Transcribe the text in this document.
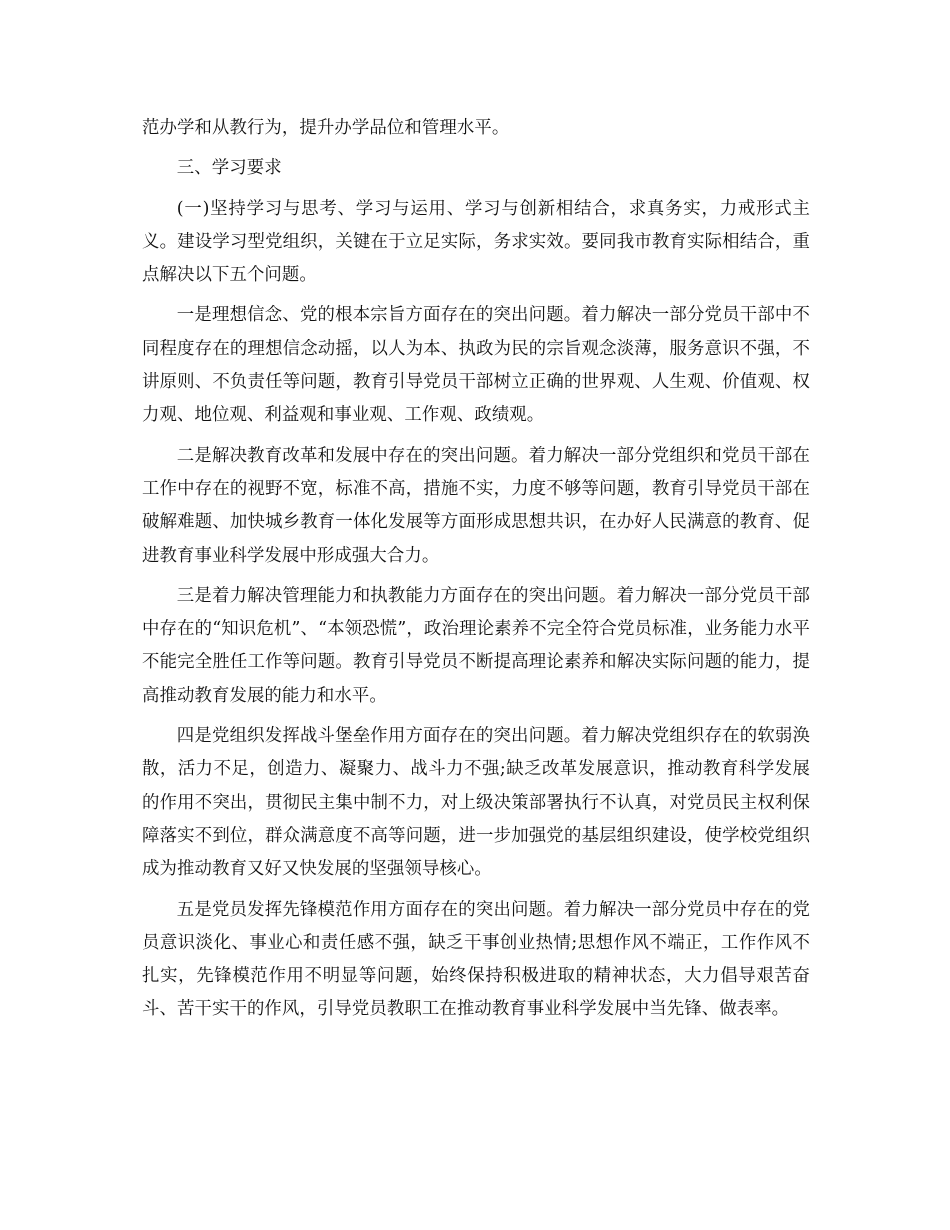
范办学和从教行为，提升办学品位和管理水平。

三、学习要求

(一)坚持学习与思考、学习与运用、学习与创新相结合，求真务实，力戒形式主义。建设学习型党组织，关键在于立足实际，务求实效。要同我市教育实际相结合，重点解决以下五个问题。

一是理想信念、党的根本宗旨方面存在的突出问题。着力解决一部分党员干部中不同程度存在的理想信念动摇，以人为本、执政为民的宗旨观念淡薄，服务意识不强，不讲原则、不负责任等问题，教育引导党员干部树立正确的世界观、人生观、价值观、权力观、地位观、利益观和事业观、工作观、政绩观。

二是解决教育改革和发展中存在的突出问题。着力解决一部分党组织和党员干部在工作中存在的视野不宽，标准不高，措施不实，力度不够等问题，教育引导党员干部在破解难题、加快城乡教育一体化发展等方面形成思想共识，在办好人民满意的教育、促进教育事业科学发展中形成强大合力。

三是着力解决管理能力和执教能力方面存在的突出问题。着力解决一部分党员干部中存在的“知识危机”、“本领恐慌”，政治理论素养不完全符合党员标准，业务能力水平不能完全胜任工作等问题。教育引导党员不断提高理论素养和解决实际问题的能力，提高推动教育发展的能力和水平。

四是党组织发挥战斗堡垒作用方面存在的突出问题。着力解决党组织存在的软弱涣散，活力不足，创造力、凝聚力、战斗力不强;缺乏改革发展意识，推动教育科学发展的作用不突出，贯彻民主集中制不力，对上级决策部署执行不认真，对党员民主权利保障落实不到位，群众满意度不高等问题，进一步加强党的基层组织建设，使学校党组织成为推动教育又好又快发展的坚强领导核心。

五是党员发挥先锋模范作用方面存在的突出问题。着力解决一部分党员中存在的党员意识淡化、事业心和责任感不强，缺乏干事创业热情;思想作风不端正，工作作风不扎实，先锋模范作用不明显等问题，始终保持积极进取的精神状态，大力倡导艰苦奋斗、苦干实干的作风，引导党员教职工在推动教育事业科学发展中当先锋、做表率。
